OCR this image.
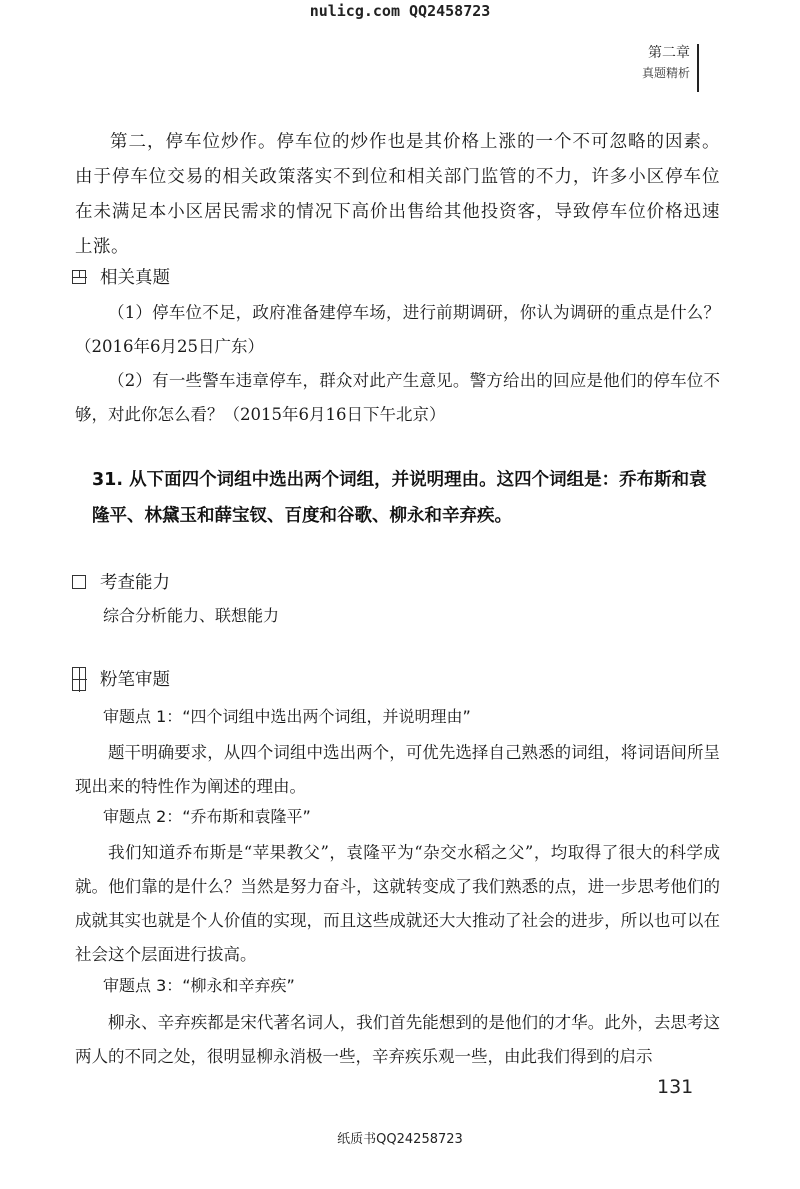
nulicg.com QQ2458723
第二章
真题精析
第二，停车位炒作。停车位的炒作也是其价格上涨的一个不可忽略的因素。由于停车位交易的相关政策落实不到位和相关部门监管的不力，许多小区停车位在未满足本小区居民需求的情况下高价出售给其他投资客，导致停车位价格迅速上涨。
相关真题
（1）停车位不足，政府准备建停车场，进行前期调研，你认为调研的重点是什么？（2016年6月25日广东）
（2）有一些警车违章停车，群众对此产生意见。警方给出的回应是他们的停车位不够，对此你怎么看？（2015年6月16日下午北京）
31. 从下面四个词组中选出两个词组，并说明理由。这四个词组是：乔布斯和袁隆平、林黛玉和薛宝钗、百度和谷歌、柳永和辛弃疾。
考查能力
综合分析能力、联想能力
粉笔审题
审题点 1：“四个词组中选出两个词组，并说明理由”
题干明确要求，从四个词组中选出两个，可优先选择自己熟悉的词组，将词语间所呈现出来的特性作为阐述的理由。
审题点 2：“乔布斯和袁隆平”
我们知道乔布斯是“苹果教父”，袁隆平为“杂交水稻之父”，均取得了很大的科学成就。他们靠的是什么？当然是努力奋斗，这就转变成了我们熟悉的点，进一步思考他们的成就其实也就是个人价值的实现，而且这些成就还大大推动了社会的进步，所以也可以在社会这个层面进行拔高。
审题点 3：“柳永和辛弃疾”
柳永、辛弃疾都是宋代著名词人，我们首先能想到的是他们的才华。此外，去思考这两人的不同之处，很明显柳永消极一些，辛弃疾乐观一些，由此我们得到的启示
131
纸质书QQ24258723
